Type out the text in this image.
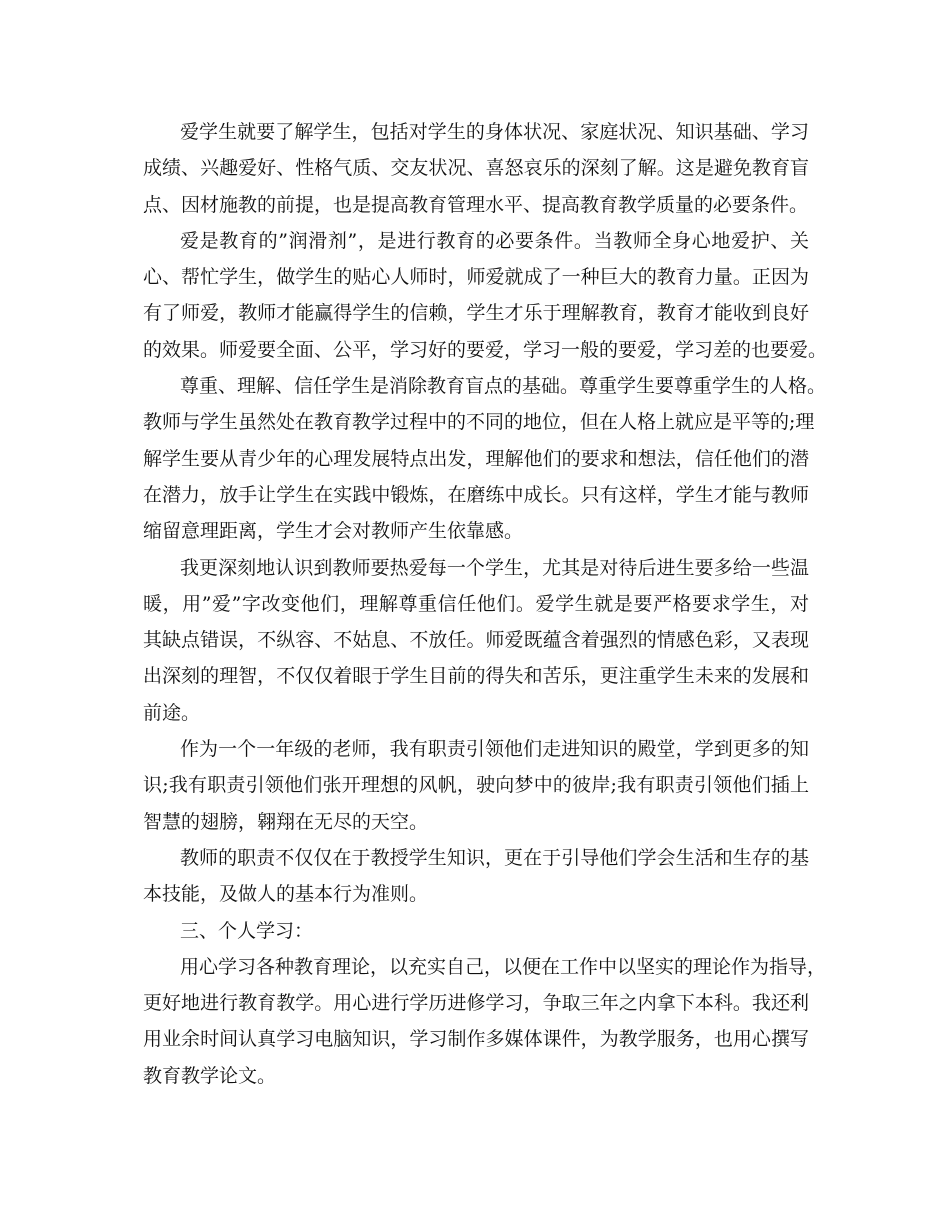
爱学生就要了解学生，包括对学生的身体状况、家庭状况、知识基础、学习
成绩、兴趣爱好、性格气质、交友状况、喜怒哀乐的深刻了解。这是避免教育盲
点、因材施教的前提，也是提高教育管理水平、提高教育教学质量的必要条件。
爱是教育的”润滑剂”，是进行教育的必要条件。当教师全身心地爱护、关
心、帮忙学生，做学生的贴心人师时，师爱就成了一种巨大的教育力量。正因为
有了师爱，教师才能赢得学生的信赖，学生才乐于理解教育，教育才能收到良好
的效果。师爱要全面、公平，学习好的要爱，学习一般的要爱，学习差的也要爱。
尊重、理解、信任学生是消除教育盲点的基础。尊重学生要尊重学生的人格。
教师与学生虽然处在教育教学过程中的不同的地位，但在人格上就应是平等的;理
解学生要从青少年的心理发展特点出发，理解他们的要求和想法，信任他们的潜
在潜力，放手让学生在实践中锻炼，在磨练中成长。只有这样，学生才能与教师
缩留意理距离，学生才会对教师产生依靠感。
我更深刻地认识到教师要热爱每一个学生，尤其是对待后进生要多给一些温
暖，用”爱”字改变他们，理解尊重信任他们。爱学生就是要严格要求学生，对
其缺点错误，不纵容、不姑息、不放任。师爱既蕴含着强烈的情感色彩，又表现
出深刻的理智，不仅仅着眼于学生目前的得失和苦乐，更注重学生未来的发展和
前途。
作为一个一年级的老师，我有职责引领他们走进知识的殿堂，学到更多的知
识;我有职责引领他们张开理想的风帆，驶向梦中的彼岸;我有职责引领他们插上
智慧的翅膀，翱翔在无尽的天空。
教师的职责不仅仅在于教授学生知识，更在于引导他们学会生活和生存的基
本技能，及做人的基本行为准则。
三、个人学习：
用心学习各种教育理论，以充实自己，以便在工作中以坚实的理论作为指导，
更好地进行教育教学。用心进行学历进修学习，争取三年之内拿下本科。我还利
用业余时间认真学习电脑知识，学习制作多媒体课件，为教学服务，也用心撰写
教育教学论文。
